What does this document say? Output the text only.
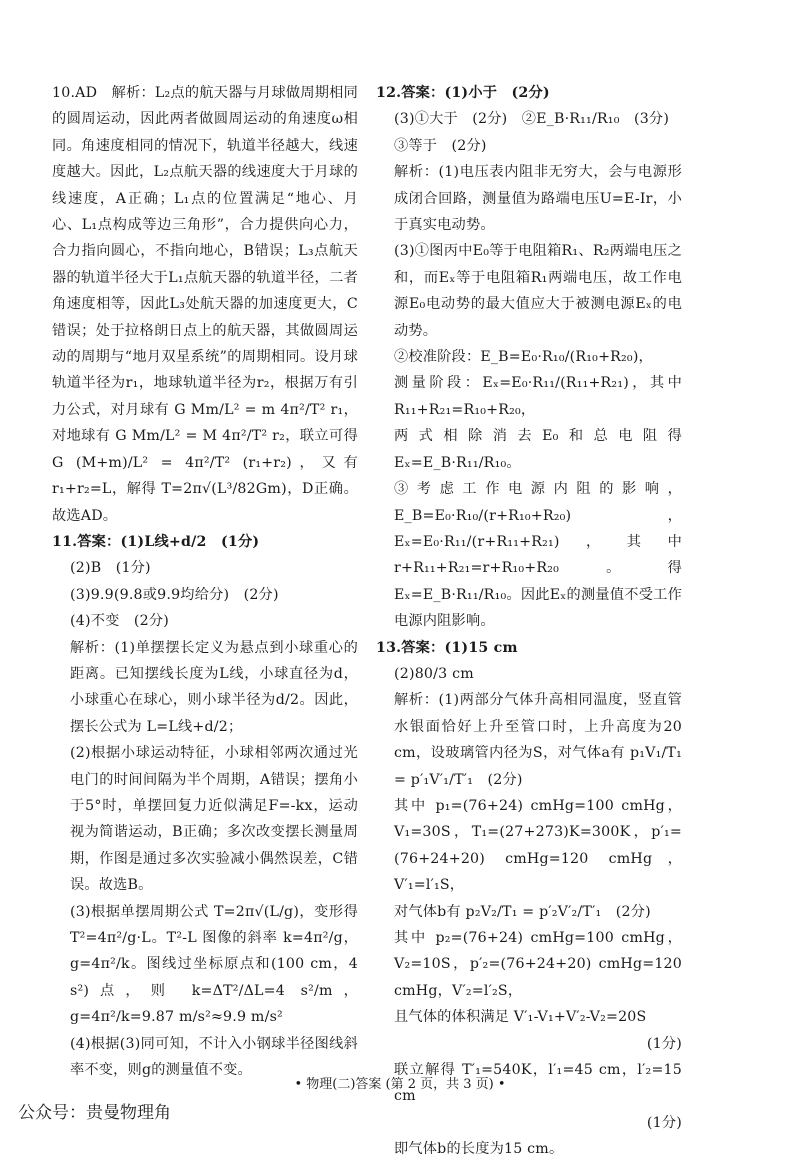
10.AD　解析：L₂点的航天器与月球做周期相同的圆周运动，因此两者做圆周运动的角速度ω相同。角速度相同的情况下，轨道半径越大，线速度越大。因此，L₂点航天器的线速度大于月球的线速度，A正确；L₁点的位置满足“地心、月心、L₁点构成等边三角形”，合力提供向心力，合力指向圆心，不指向地心，B错误；L₃点航天器的轨道半径大于L₁点航天器的轨道半径，二者角速度相等，因此L₃处航天器的加速度更大，C错误；处于拉格朗日点上的航天器，其做圆周运动的周期与“地月双星系统”的周期相同。设月球轨道半径为r₁，地球轨道半径为r₂，根据万有引力公式，对月球有 G Mm/L² = m 4π²/T² r₁，对地球有 G Mm/L² = M 4π²/T² r₂，联立可得 G (M+m)/L² = 4π²/T² (r₁+r₂)，又有 r₁+r₂=L，解得 T=2π√(L³/82Gm)，D正确。故选AD。

11.答案：(1)L线+d/2　(1分)

(2)B　(1分)

(3)9.9(9.8或9.9均给分)　(2分)

(4)不变　(2分)

解析：(1)单摆摆长定义为悬点到小球重心的距离。已知摆线长度为L线，小球直径为d，小球重心在球心，则小球半径为d/2。因此，摆长公式为 L=L线+d/2；

(2)根据小球运动特征，小球相邻两次通过光电门的时间间隔为半个周期，A错误；摆角小于5°时，单摆回复力近似满足F=-kx，运动视为简谐运动，B正确；多次改变摆长测量周期，作图是通过多次实验减小偶然误差，C错误。故选B。

(3)根据单摆周期公式 T=2π√(L/g)，变形得 T²=4π²/g·L。T²-L 图像的斜率 k=4π²/g，g=4π²/k。图线过坐标原点和(100 cm，4 s²)点，则 k=ΔT²/ΔL=4 s²/m，g=4π²/k=9.87 m/s²≈9.9 m/s²

(4)根据(3)同可知，不计入小钢球半径图线斜率不变，则g的测量值不变。

12.答案：(1)小于　(2分)

(3)①大于　(2分)　②E_B·R₁₁/R₁₀　(3分)

③等于　(2分)

解析：(1)电压表内阻非无穷大，会与电源形成闭合回路，测量值为路端电压U=E-Ir，小于真实电动势。

(3)①图丙中E₀等于电阻箱R₁、R₂两端电压之和，而Eₓ等于电阻箱R₁两端电压，故工作电源E₀电动势的最大值应大于被测电源Eₓ的电动势。

②校准阶段：E_B=E₀·R₁₀/(R₁₀+R₂₀)，

测量阶段：Eₓ=E₀·R₁₁/(R₁₁+R₂₁)，其中R₁₁+R₂₁=R₁₀+R₂₀，

两式相除消去E₀和总电阻得 Eₓ=E_B·R₁₁/R₁₀。

③考虑工作电源内阻的影响，E_B=E₀·R₁₀/(r+R₁₀+R₂₀)，Eₓ=E₀·R₁₁/(r+R₁₁+R₂₁)，其中r+R₁₁+R₂₁=r+R₁₀+R₂₀。得Eₓ=E_B·R₁₁/R₁₀。因此Eₓ的测量值不受工作电源内阻影响。

13.答案：(1)15 cm

(2)80/3 cm

解析：(1)两部分气体升高相同温度，竖直管水银面恰好上升至管口时，上升高度为20 cm，设玻璃管内径为S，对气体a有 p₁V₁/T₁ = p′₁V′₁/T′₁　(2分)

其中 p₁=(76+24) cmHg=100 cmHg，V₁=30S，T₁=(27+273)K=300K，p′₁=(76+24+20) cmHg=120 cmHg，V′₁=l′₁S，

对气体b有 p₂V₂/T₁ = p′₂V′₂/T′₁　(2分)

其中 p₂=(76+24) cmHg=100 cmHg，V₂=10S，p′₂=(76+24+20) cmHg=120 cmHg，V′₂=l′₂S，

且气体的体积满足 V′₁-V₁+V′₂-V₂=20S

(1分)

联立解得 T′₁=540K，l′₁=45 cm，l′₂=15 cm

(1分)

即气体b的长度为15 cm。

• 物理(二)答案 (第 2 页，共 3 页) •
公众号：贵曼物理角
